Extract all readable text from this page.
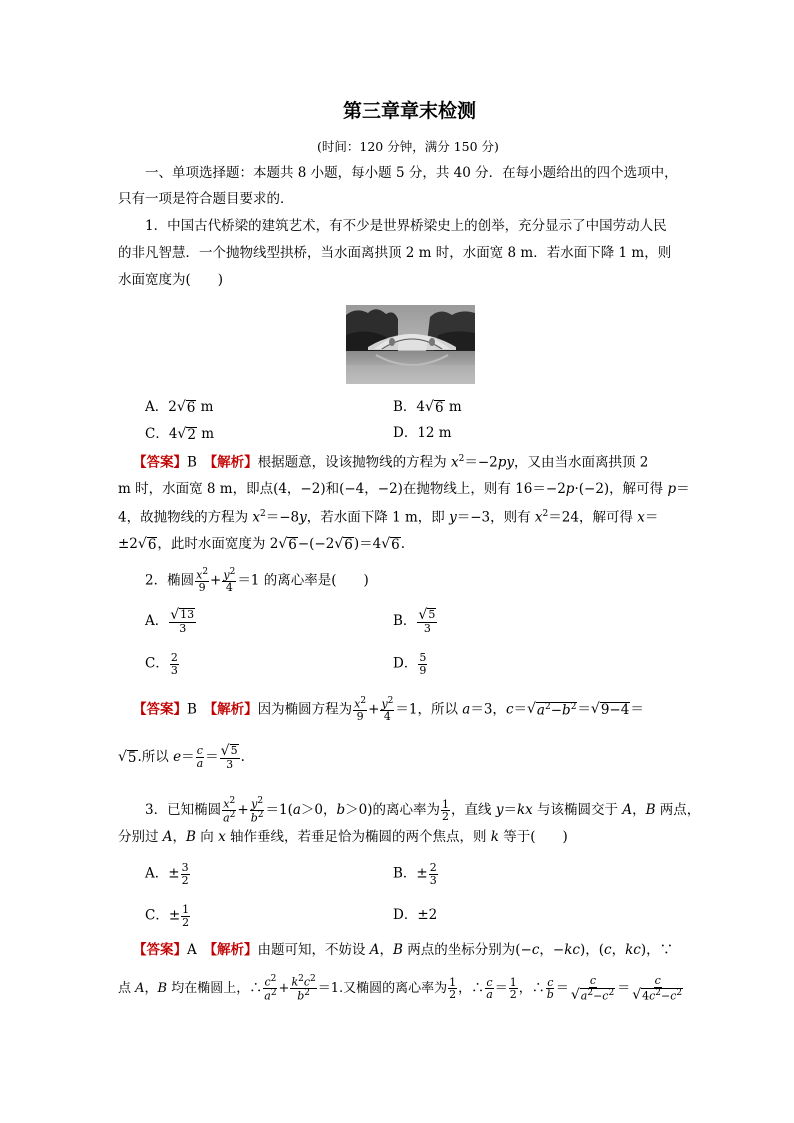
第三章章末检测
(时间：120 分钟，满分 150 分)
一、单项选择题：本题共 8 小题，每小题 5 分，共 40 分．在每小题给出的四个选项中，
只有一项是符合题目要求的．
1．中国古代桥梁的建筑艺术，有不少是世界桥梁史上的创举，充分显示了中国劳动人民
的非凡智慧．一个抛物线型拱桥，当水面离拱顶 2 m 时，水面宽 8 m．若水面下降 1 m，则
水面宽度为(　　)
A．2 √ 6 m	B．4 √ 6 m
C．4 √ 2 m	D．12 m
【答案】B　 【解析】根据题意，设该抛物线的方程为 $x^2=-2py$，又由当水面离拱顶 2
m 时，水面宽 8 m，即点(4，−2)和(−4，−2)在抛物线上，则有 16＝−2p·(−2)，解可得 p＝
4，故抛物线的方程为 $x^2=-8y$，若水面下降 1 m，即 y＝−3，则有 $x^2=24$，解可得 x＝
±2 √ 6 ，此时水面宽度为 2 √ 6 −(−2 √ 6 )＝4 √ 6 .
2．椭圆 $\frac{x^2}{9} + \frac{y^2}{4} =1$ 的离心率是(　　)
A． $\frac{√ 13}{3}$	B． $\frac{√ 5}{3}$
C． $\frac{2}{3}$	D． $\frac{5}{9}$
【答案】B　 【解析】因为椭圆方程为 $\frac{x^2}{9} + \frac{y^2}{4} =1$，所以 a＝3，c＝ √ $a^2-b^2$ ＝ √ 9−4 ＝
√ 5 .所以 $e= \frac{c}{a} = \frac{√ 5}{3}$ .
3．已知椭圆 $\frac{x^2}{a^2} + \frac{y^2}{b^2} =1(a>0$，b＞0)的离心率为 $\frac{1}{2}$ ，直线 y＝kx 与该椭圆交于 A，B 两点，
分别过 A，B 向 x 轴作垂线，若垂足恰为椭圆的两个焦点，则 k 等于(　　)
A．± $\frac{3}{2}$	B．± $\frac{2}{3}$
C．± $\frac{1}{2}$	D．±2
【答案】A　 【解析】由题可知，不妨设 A，B 两点的坐标分别为(−c，−kc)，(c，kc)，∵
点 A，B 均在椭圆上，∴ $\frac{c^2}{a^2} + \frac{k^2c^2}{b^2} =1$.又椭圆的离心率为 $\frac{1}{2}$ ，∴ $\frac{c}{a} = \frac{1}{2}$ ，∴ $\frac{c}{b} = \frac{c}{√ a^2-c^2} = \frac{c}{√ 4c^2-c^2}$
